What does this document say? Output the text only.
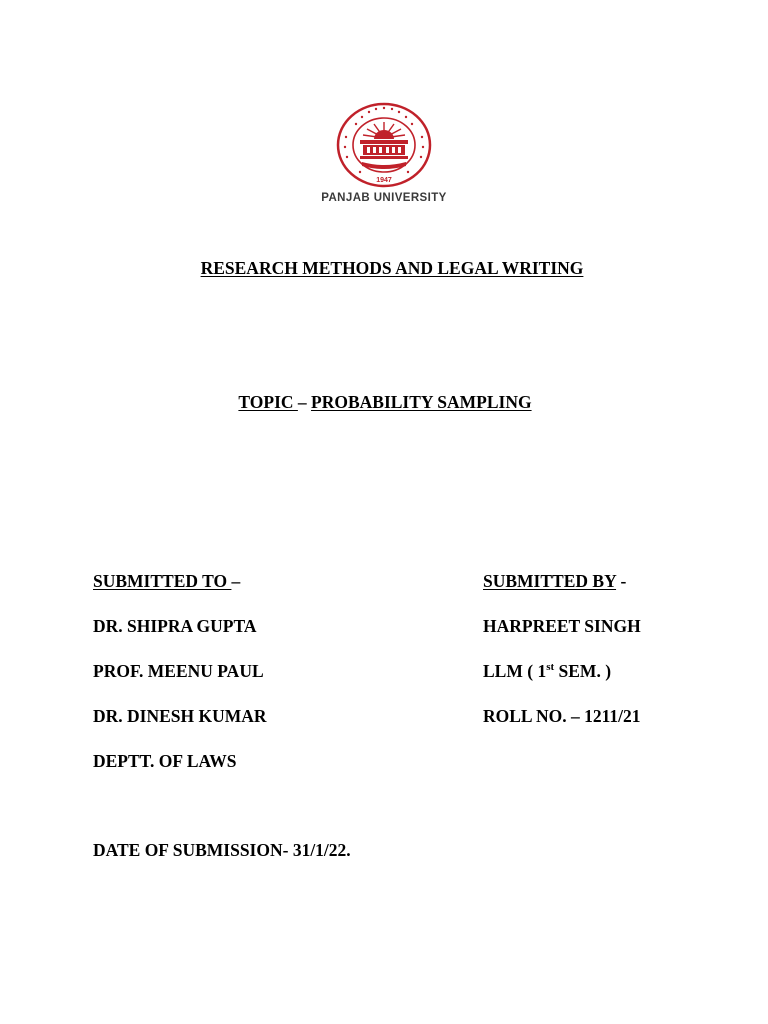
1947
PANJAB UNIVERSITY
RESEARCH METHODS AND LEGAL WRITING
TOPIC – PROBABILITY SAMPLING
SUBMITTED TO –
DR. SHIPRA GUPTA
PROF. MEENU PAUL
DR. DINESH KUMAR
DEPTT. OF LAWS
SUBMITTED BY -
HARPREET SINGH
LLM ( 1st SEM. )
ROLL NO. – 1211/21
DATE OF SUBMISSION- 31/1/22.
